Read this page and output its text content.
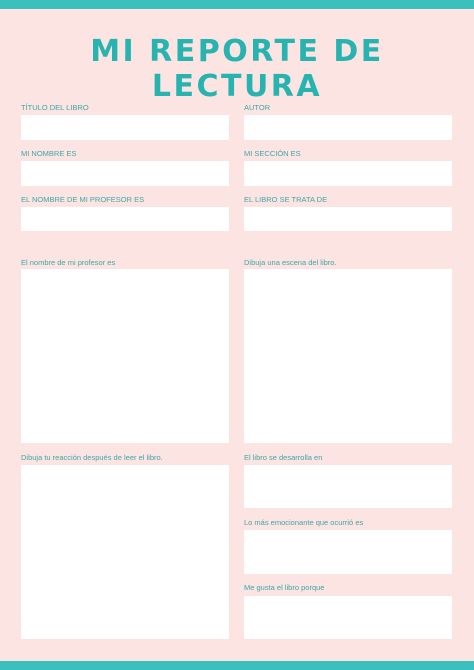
MI REPORTE DE LECTURA
TÍTULO DEL LIBRO	AUTOR
MI NOMBRE ES	MI SECCIÓN ES
EL NOMBRE DE MI PROFESOR ES	EL LIBRO SE TRATA DE
El nombre de mi profesor es	Dibuja una escena del libro.
Dibuja tu reacción después de leer el libro.	El libro se desarrolla en
Lo más emocionante que ocurrió es
Me gusta el libro porque
